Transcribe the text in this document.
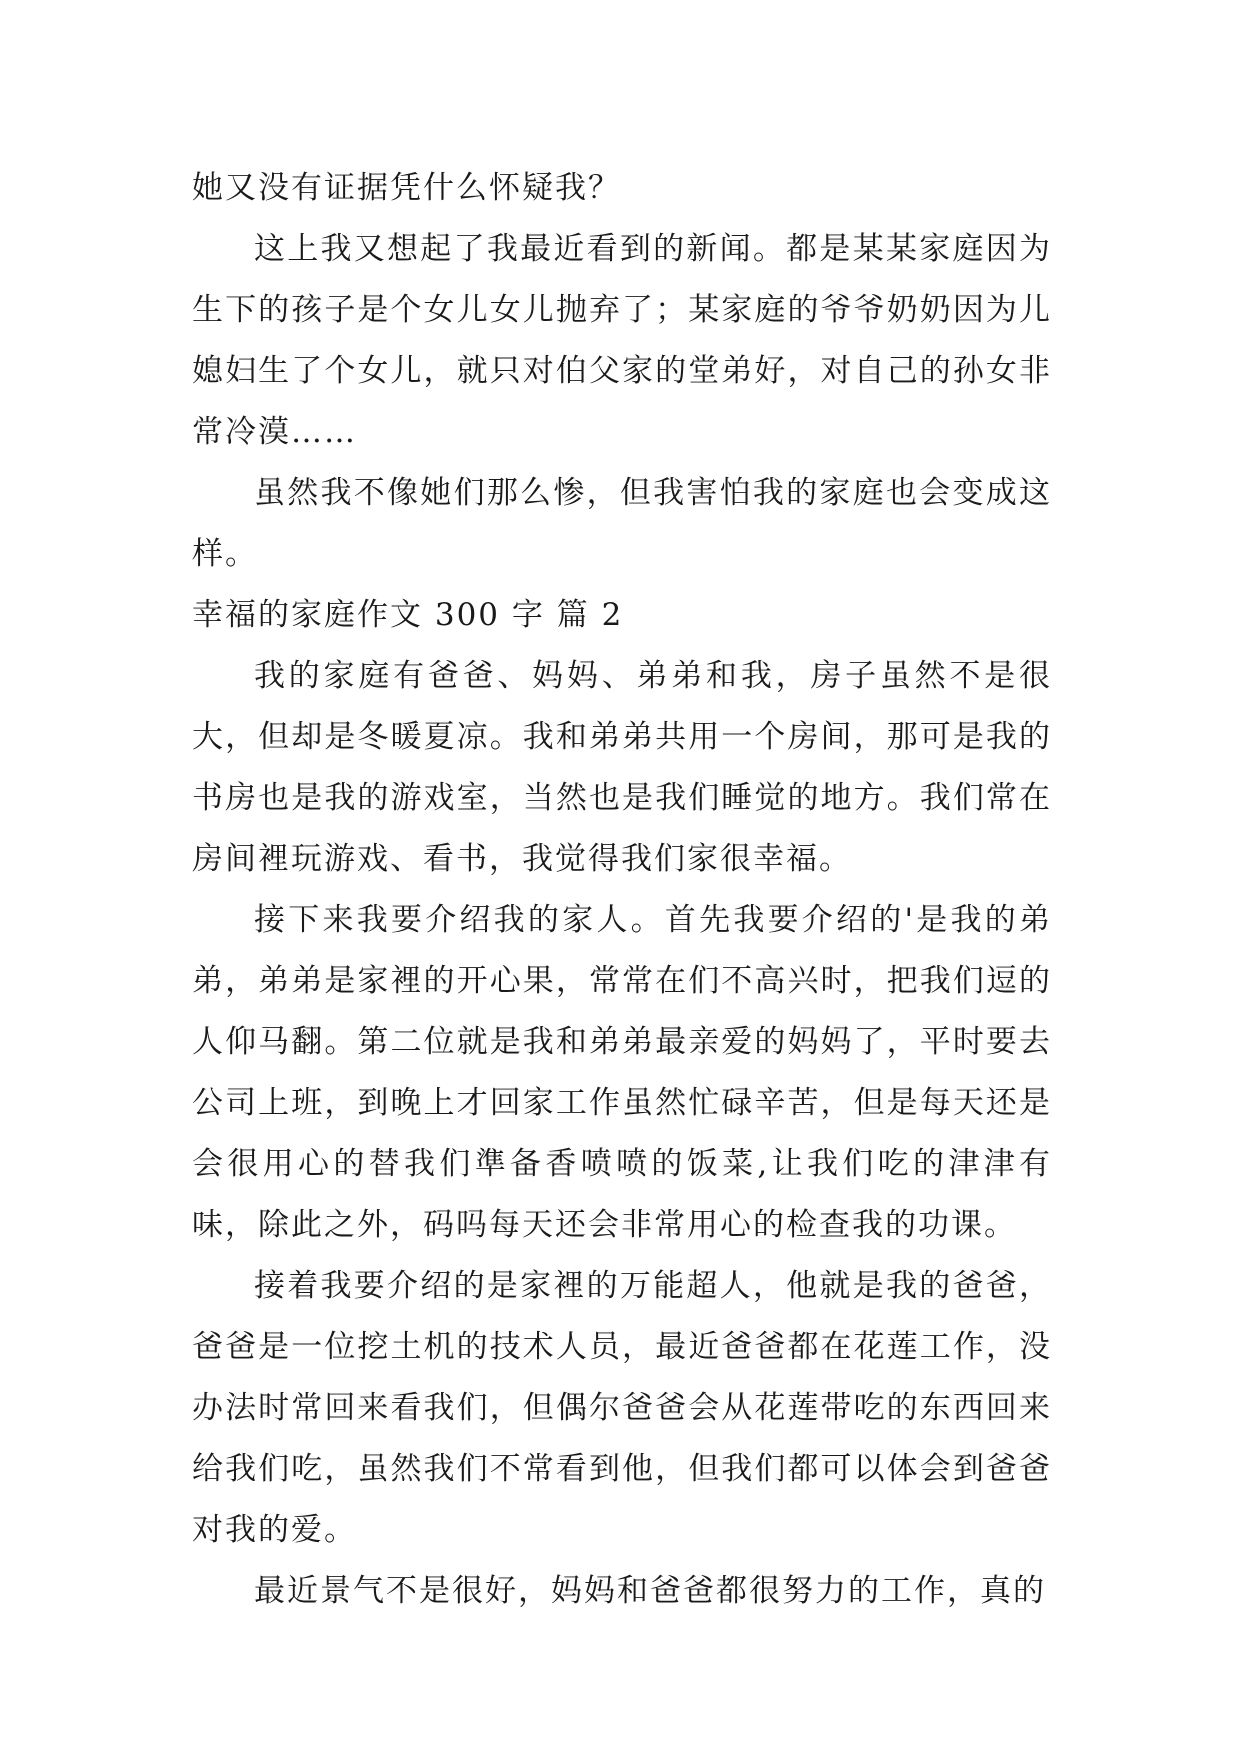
她又没有证据凭什么怀疑我？

这上我又想起了我最近看到的新闻。都是某某家庭因为生下的孩子是个女儿女儿抛弃了；某家庭的爷爷奶奶因为儿媳妇生了个女儿，就只对伯父家的堂弟好，对自己的孙女非常冷漠……

虽然我不像她们那么惨，但我害怕我的家庭也会变成这样。

幸福的家庭作文 300 字 篇 2

我的家庭有爸爸、妈妈、弟弟和我，房子虽然不是很大，但却是冬暖夏凉。我和弟弟共用一个房间，那可是我的书房也是我的游戏室，当然也是我们睡觉的地方。我们常在房间裡玩游戏、看书，我觉得我们家很幸福。

接下来我要介绍我的家人。首先我要介绍的'是我的弟弟，弟弟是家裡的开心果，常常在们不高兴时，把我们逗的人仰马翻。第二位就是我和弟弟最亲爱的妈妈了，平时要去公司上班，到晚上才回家工作虽然忙碌辛苦，但是每天还是会很用心的替我们準备香喷喷的饭菜,让我们吃的津津有味，除此之外，码吗每天还会非常用心的检查我的功课。

接着我要介绍的是家裡的万能超人，他就是我的爸爸，爸爸是一位挖土机的技术人员，最近爸爸都在花莲工作，没办法时常回来看我们，但偶尔爸爸会从花莲带吃的东西回来给我们吃，虽然我们不常看到他，但我们都可以体会到爸爸对我的爱。

最近景气不是很好，妈妈和爸爸都很努力的工作，真的
